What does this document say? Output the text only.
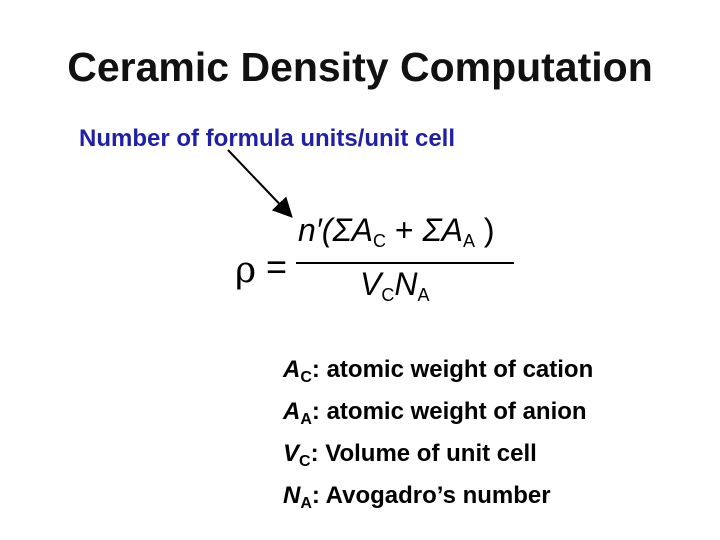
Ceramic Density Computation
Number of formula units/unit cell
ρ =
$n'(\Sigma A_C + \Sigma A_A$ )
$V_CN_A$
$A_C$: atomic weight of cation
$A_A$: atomic weight of anion
$V_C$: Volume of unit cell
$N_A$: Avogadro’s number
